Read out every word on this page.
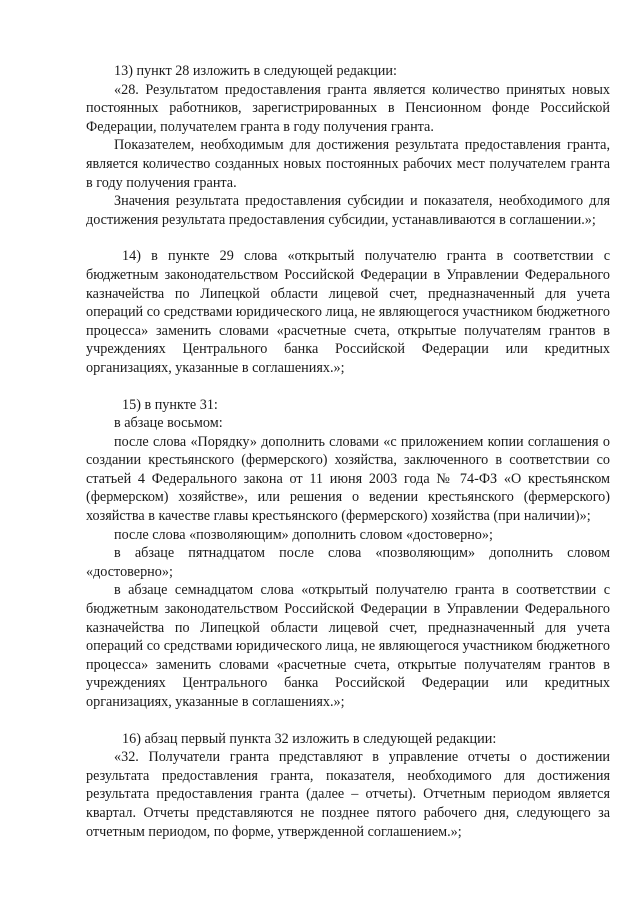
13) пункт 28 изложить в следующей редакции:

«28. Результатом предоставления гранта является количество принятых новых постоянных работников, зарегистрированных в Пенсионном фонде Российской Федерации, получателем гранта в году получения гранта.

Показателем, необходимым для достижения результата предоставления гранта, является количество созданных новых постоянных рабочих мест получателем гранта в году получения гранта.

Значения результата предоставления субсидии и показателя, необходимого для достижения результата предоставления субсидии, устанавливаются в соглашении.»;

14) в пункте 29 слова «открытый получателю гранта в соответствии с бюджетным законодательством Российской Федерации в Управлении Федерального казначейства по Липецкой области лицевой счет, предназначенный для учета операций со средствами юридического лица, не являющегося участником бюджетного процесса» заменить словами «расчетные счета, открытые получателям грантов в учреждениях Центрального банка Российской Федерации или кредитных организациях, указанные в соглашениях.»;

15) в пункте 31:

в абзаце восьмом:

после слова «Порядку» дополнить словами «с приложением копии соглашения о создании крестьянского (фермерского) хозяйства, заключенного в соответствии со статьей 4 Федерального закона от 11 июня 2003 года № 74-ФЗ «О крестьянском (фермерском) хозяйстве», или решения о ведении крестьянского (фермерского) хозяйства в качестве главы крестьянского (фермерского) хозяйства (при наличии)»;

после слова «позволяющим» дополнить словом «достоверно»;

в абзаце пятнадцатом после слова «позволяющим» дополнить словом «достоверно»;

в абзаце семнадцатом слова «открытый получателю гранта в соответствии с бюджетным законодательством Российской Федерации в Управлении Федерального казначейства по Липецкой области лицевой счет, предназначенный для учета операций со средствами юридического лица, не являющегося участником бюджетного процесса» заменить словами «расчетные счета, открытые получателям грантов в учреждениях Центрального банка Российской Федерации или кредитных организациях, указанные в соглашениях.»;

16) абзац первый пункта 32 изложить в следующей редакции:

«32. Получатели гранта представляют в управление отчеты о достижении результата предоставления гранта, показателя, необходимого для достижения результата предоставления гранта (далее – отчеты). Отчетным периодом является квартал. Отчеты представляются не позднее пятого рабочего дня, следующего за отчетным периодом, по форме, утвержденной соглашением.»;
